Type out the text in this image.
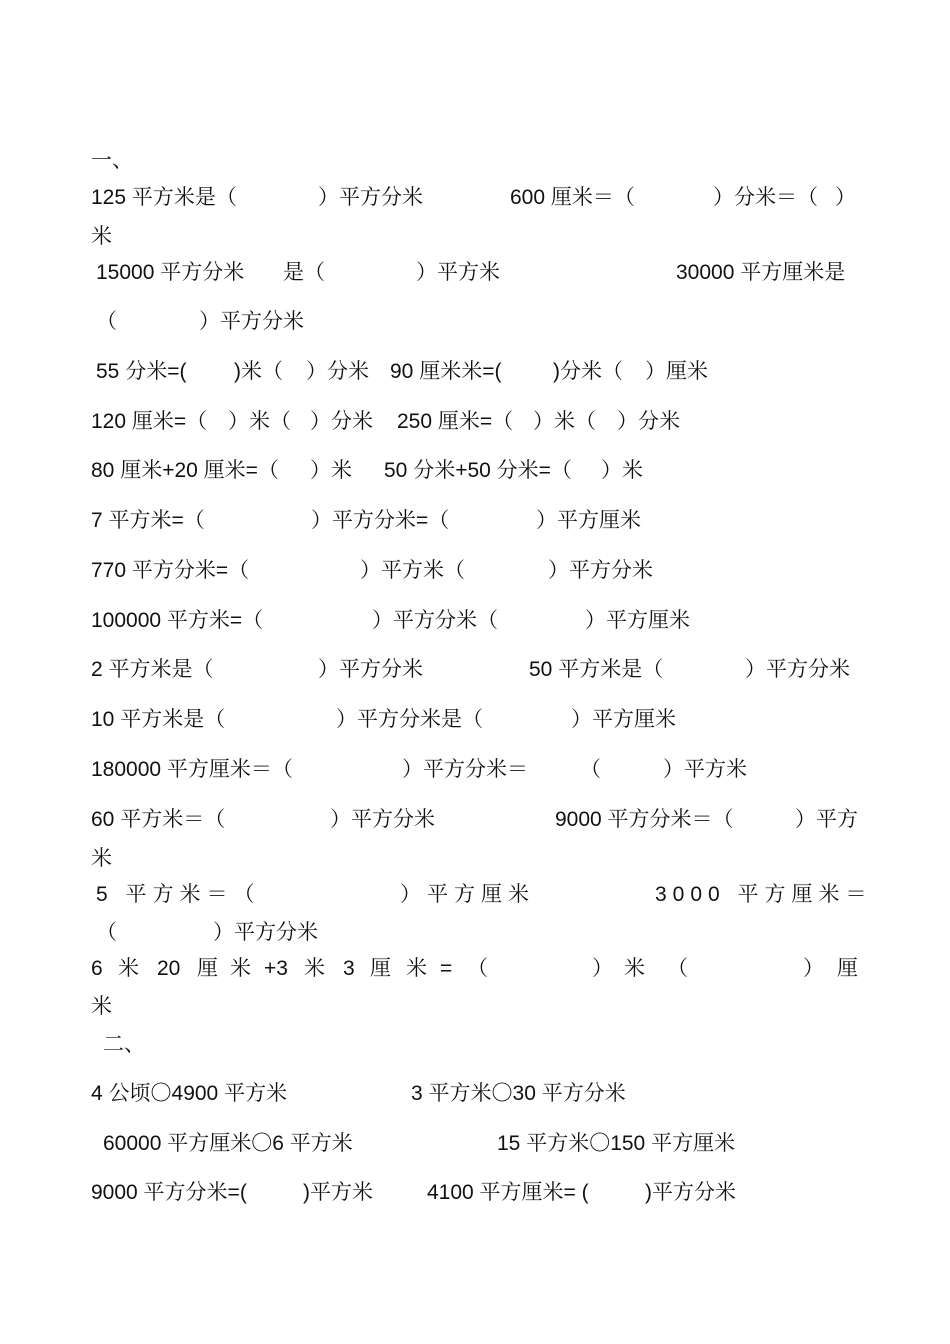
一、
125 平方米是（	）平方分米	600 厘米＝（	）分米＝（ ）
米
15000 平方分米 是（	）平方米	30000 平方厘米是
（	）平方分米
55 分米=( )米（ ）分米 90 厘米米=( )分米（ ）厘米
120 厘米=（ ）米（ ）分米 250 厘米=（ ）米（ ）分米
80 厘米+20 厘米=（ ）米 50 分米+50 分米=（ ）米
7 平方米=（	）平方分米=（	）平方厘米
770 平方分米=（	）平方米（	）平方分米
100000 平方米=（	）平方分米（	）平方厘米
2 平方米是（	）平方分米	50 平方米是（	）平方分米
10 平方米是（	）平方分米是（	）平方厘米
180000 平方厘米＝（	）平方分米＝ （	）平方米
60 平方米＝（	）平方分米	9000 平方分米＝（	）平方
米
5 平方米＝（	）平方厘米	3000 平方厘米＝
（	）平方分米
6 米 20 厘 米 +3 米 3 厘 米 = （	） 米 （	） 厘
米
二、
4 公顷〇4900 平方米	3 平方米〇30 平方分米
60000 平方厘米〇6 平方米	15 平方米〇150 平方厘米
9000 平方分米=(	)平方米	4100 平方厘米= (	)平方分米
